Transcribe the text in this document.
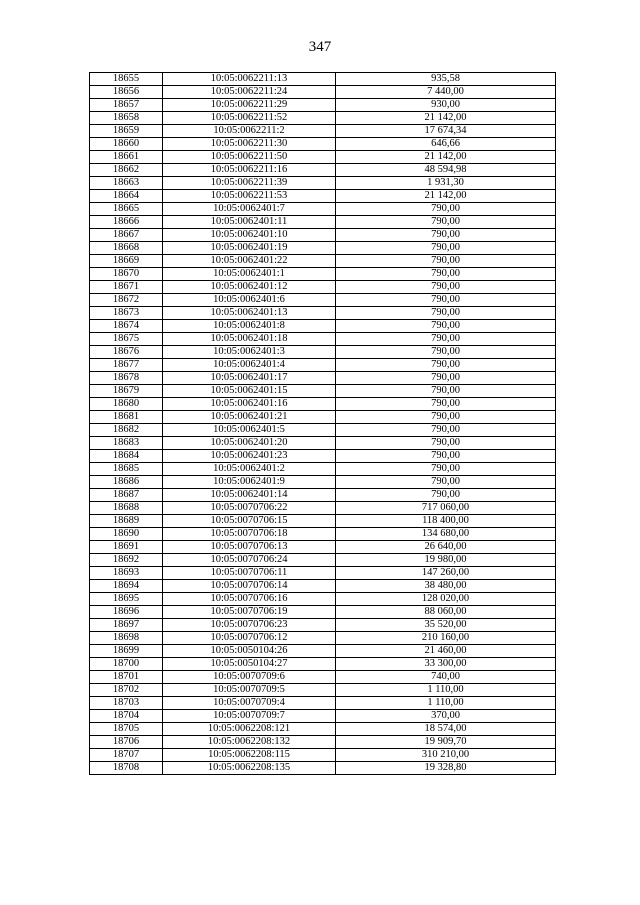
347
18655	10:05:0062211:13	935,58
18656	10:05:0062211:24	7 440,00
18657	10:05:0062211:29	930,00
18658	10:05:0062211:52	21 142,00
18659	10:05:0062211:2	17 674,34
18660	10:05:0062211:30	646,66
18661	10:05:0062211:50	21 142,00
18662	10:05:0062211:16	48 594,98
18663	10:05:0062211:39	1 931,30
18664	10:05:0062211:53	21 142,00
18665	10:05:0062401:7	790,00
18666	10:05:0062401:11	790,00
18667	10:05:0062401:10	790,00
18668	10:05:0062401:19	790,00
18669	10:05:0062401:22	790,00
18670	10:05:0062401:1	790,00
18671	10:05:0062401:12	790,00
18672	10:05:0062401:6	790,00
18673	10:05:0062401:13	790,00
18674	10:05:0062401:8	790,00
18675	10:05:0062401:18	790,00
18676	10:05:0062401:3	790,00
18677	10:05:0062401:4	790,00
18678	10:05:0062401:17	790,00
18679	10:05:0062401:15	790,00
18680	10:05:0062401:16	790,00
18681	10:05:0062401:21	790,00
18682	10:05:0062401:5	790,00
18683	10:05:0062401:20	790,00
18684	10:05:0062401:23	790,00
18685	10:05:0062401:2	790,00
18686	10:05:0062401:9	790,00
18687	10:05:0062401:14	790,00
18688	10:05:0070706:22	717 060,00
18689	10:05:0070706:15	118 400,00
18690	10:05:0070706:18	134 680,00
18691	10:05:0070706:13	26 640,00
18692	10:05:0070706:24	19 980,00
18693	10:05:0070706:11	147 260,00
18694	10:05:0070706:14	38 480,00
18695	10:05:0070706:16	128 020,00
18696	10:05:0070706:19	88 060,00
18697	10:05:0070706:23	35 520,00
18698	10:05:0070706:12	210 160,00
18699	10:05:0050104:26	21 460,00
18700	10:05:0050104:27	33 300,00
18701	10:05:0070709:6	740,00
18702	10:05:0070709:5	1 110,00
18703	10:05:0070709:4	1 110,00
18704	10:05:0070709:7	370,00
18705	10:05:0062208:121	18 574,00
18706	10:05:0062208:132	19 909,70
18707	10:05:0062208:115	310 210,00
18708	10:05:0062208:135	19 328,80
